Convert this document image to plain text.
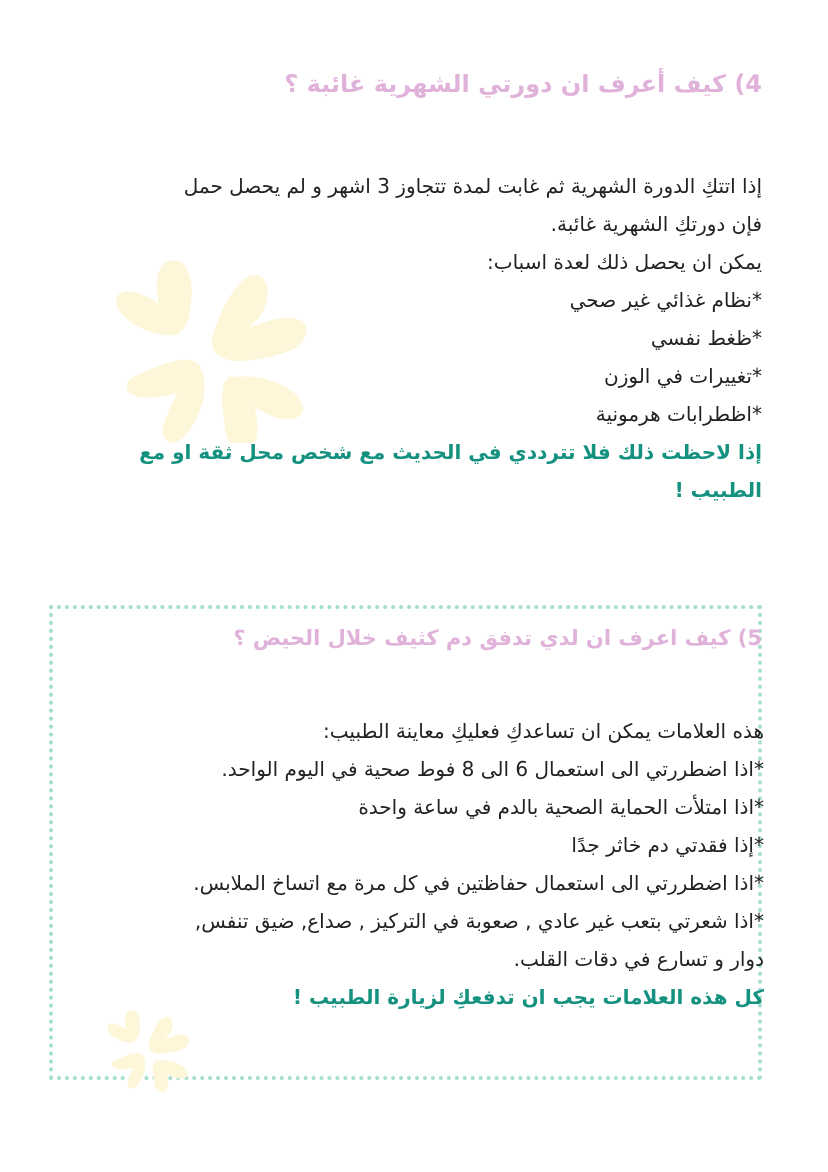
4) كيف أعرف ان دورتي الشهرية غائبة ؟
إذا اتتكِ الدورة الشهرية ثم غابت لمدة تتجاوز 3 اشهر و لم يحصل حمل
فإن دورتكِ الشهرية غائبة.
يمكن ان يحصل ذلك لعدة اسباب:
*نظام غذائي غير صحي
*ظغط نفسي
*تغييرات في الوزن
*اظطرابات هرمونية
إذا لاحظت ذلك فلا تترددي في الحديث مع شخص محل ثقة او مع
الطبيب !
5) كيف اعرف ان لدي تدفق دم كثيف خلال الحيض ؟
هذه العلامات يمكن ان تساعدكِ فعليكِ معاينة الطبيب:
*اذا اضطررتي الى استعمال 6 الى 8 فوط صحية في اليوم الواحد.
*اذا امتلأت الحماية الصحية بالدم في ساعة واحدة
*إذا فقدتي دم خاثر جدًا
*اذا اضطررتي الى استعمال حفاظتين في كل مرة مع اتساخ الملابس.
*اذا شعرتي بتعب غير عادي , صعوبة في التركيز , صداع, ضيق تنفس,
دوار و تسارع في دقات القلب.
كل هذه العلامات يجب ان تدفعكِ لزيارة الطبيب !
